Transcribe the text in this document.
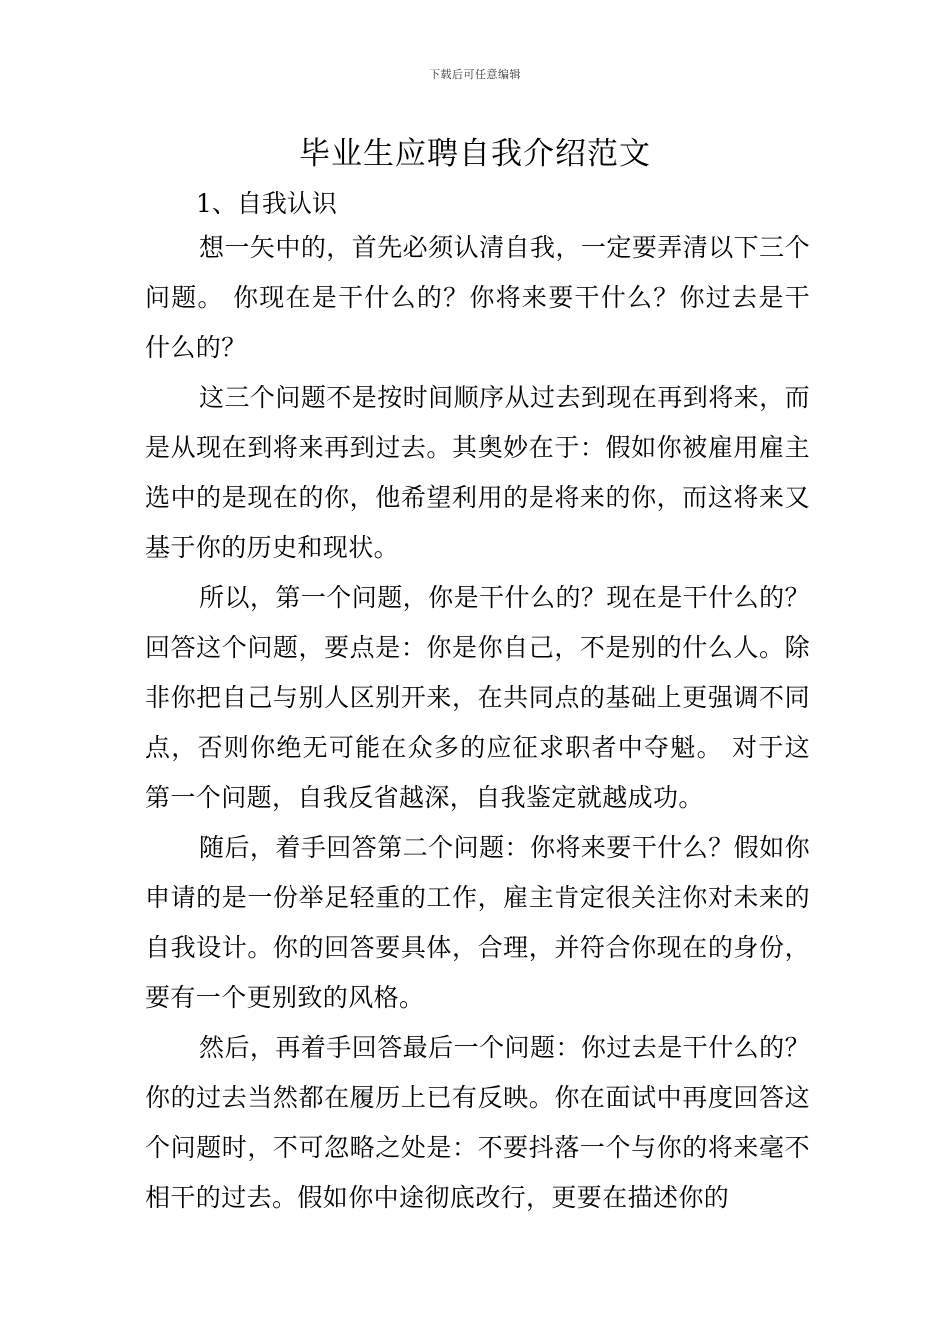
下载后可任意编辑
毕业生应聘自我介绍范文
1、自我认识

想一矢中的，首先必须认清自我，一定要弄清以下三个问题。 你现在是干什么的？你将来要干什么？你过去是干什么的？

这三个问题不是按时间顺序从过去到现在再到将来，而是从现在到将来再到过去。其奥妙在于：假如你被雇用雇主选中的是现在的你，他希望利用的是将来的你，而这将来又基于你的历史和现状。

所以，第一个问题，你是干什么的？现在是干什么的？回答这个问题，要点是：你是你自己，不是别的什么人。除非你把自己与别人区别开来，在共同点的基础上更强调不同点，否则你绝无可能在众多的应征求职者中夺魁。 对于这第一个问题，自我反省越深，自我鉴定就越成功。

随后，着手回答第二个问题：你将来要干什么？假如你申请的是一份举足轻重的工作，雇主肯定很关注你对未来的自我设计。你的回答要具体，合理，并符合你现在的身份，要有一个更别致的风格。

然后，再着手回答最后一个问题：你过去是干什么的？你的过去当然都在履历上已有反映。你在面试中再度回答这个问题时，不可忽略之处是：不要抖落一个与你的将来毫不相干的过去。假如你中途彻底改行，更要在描述你的
